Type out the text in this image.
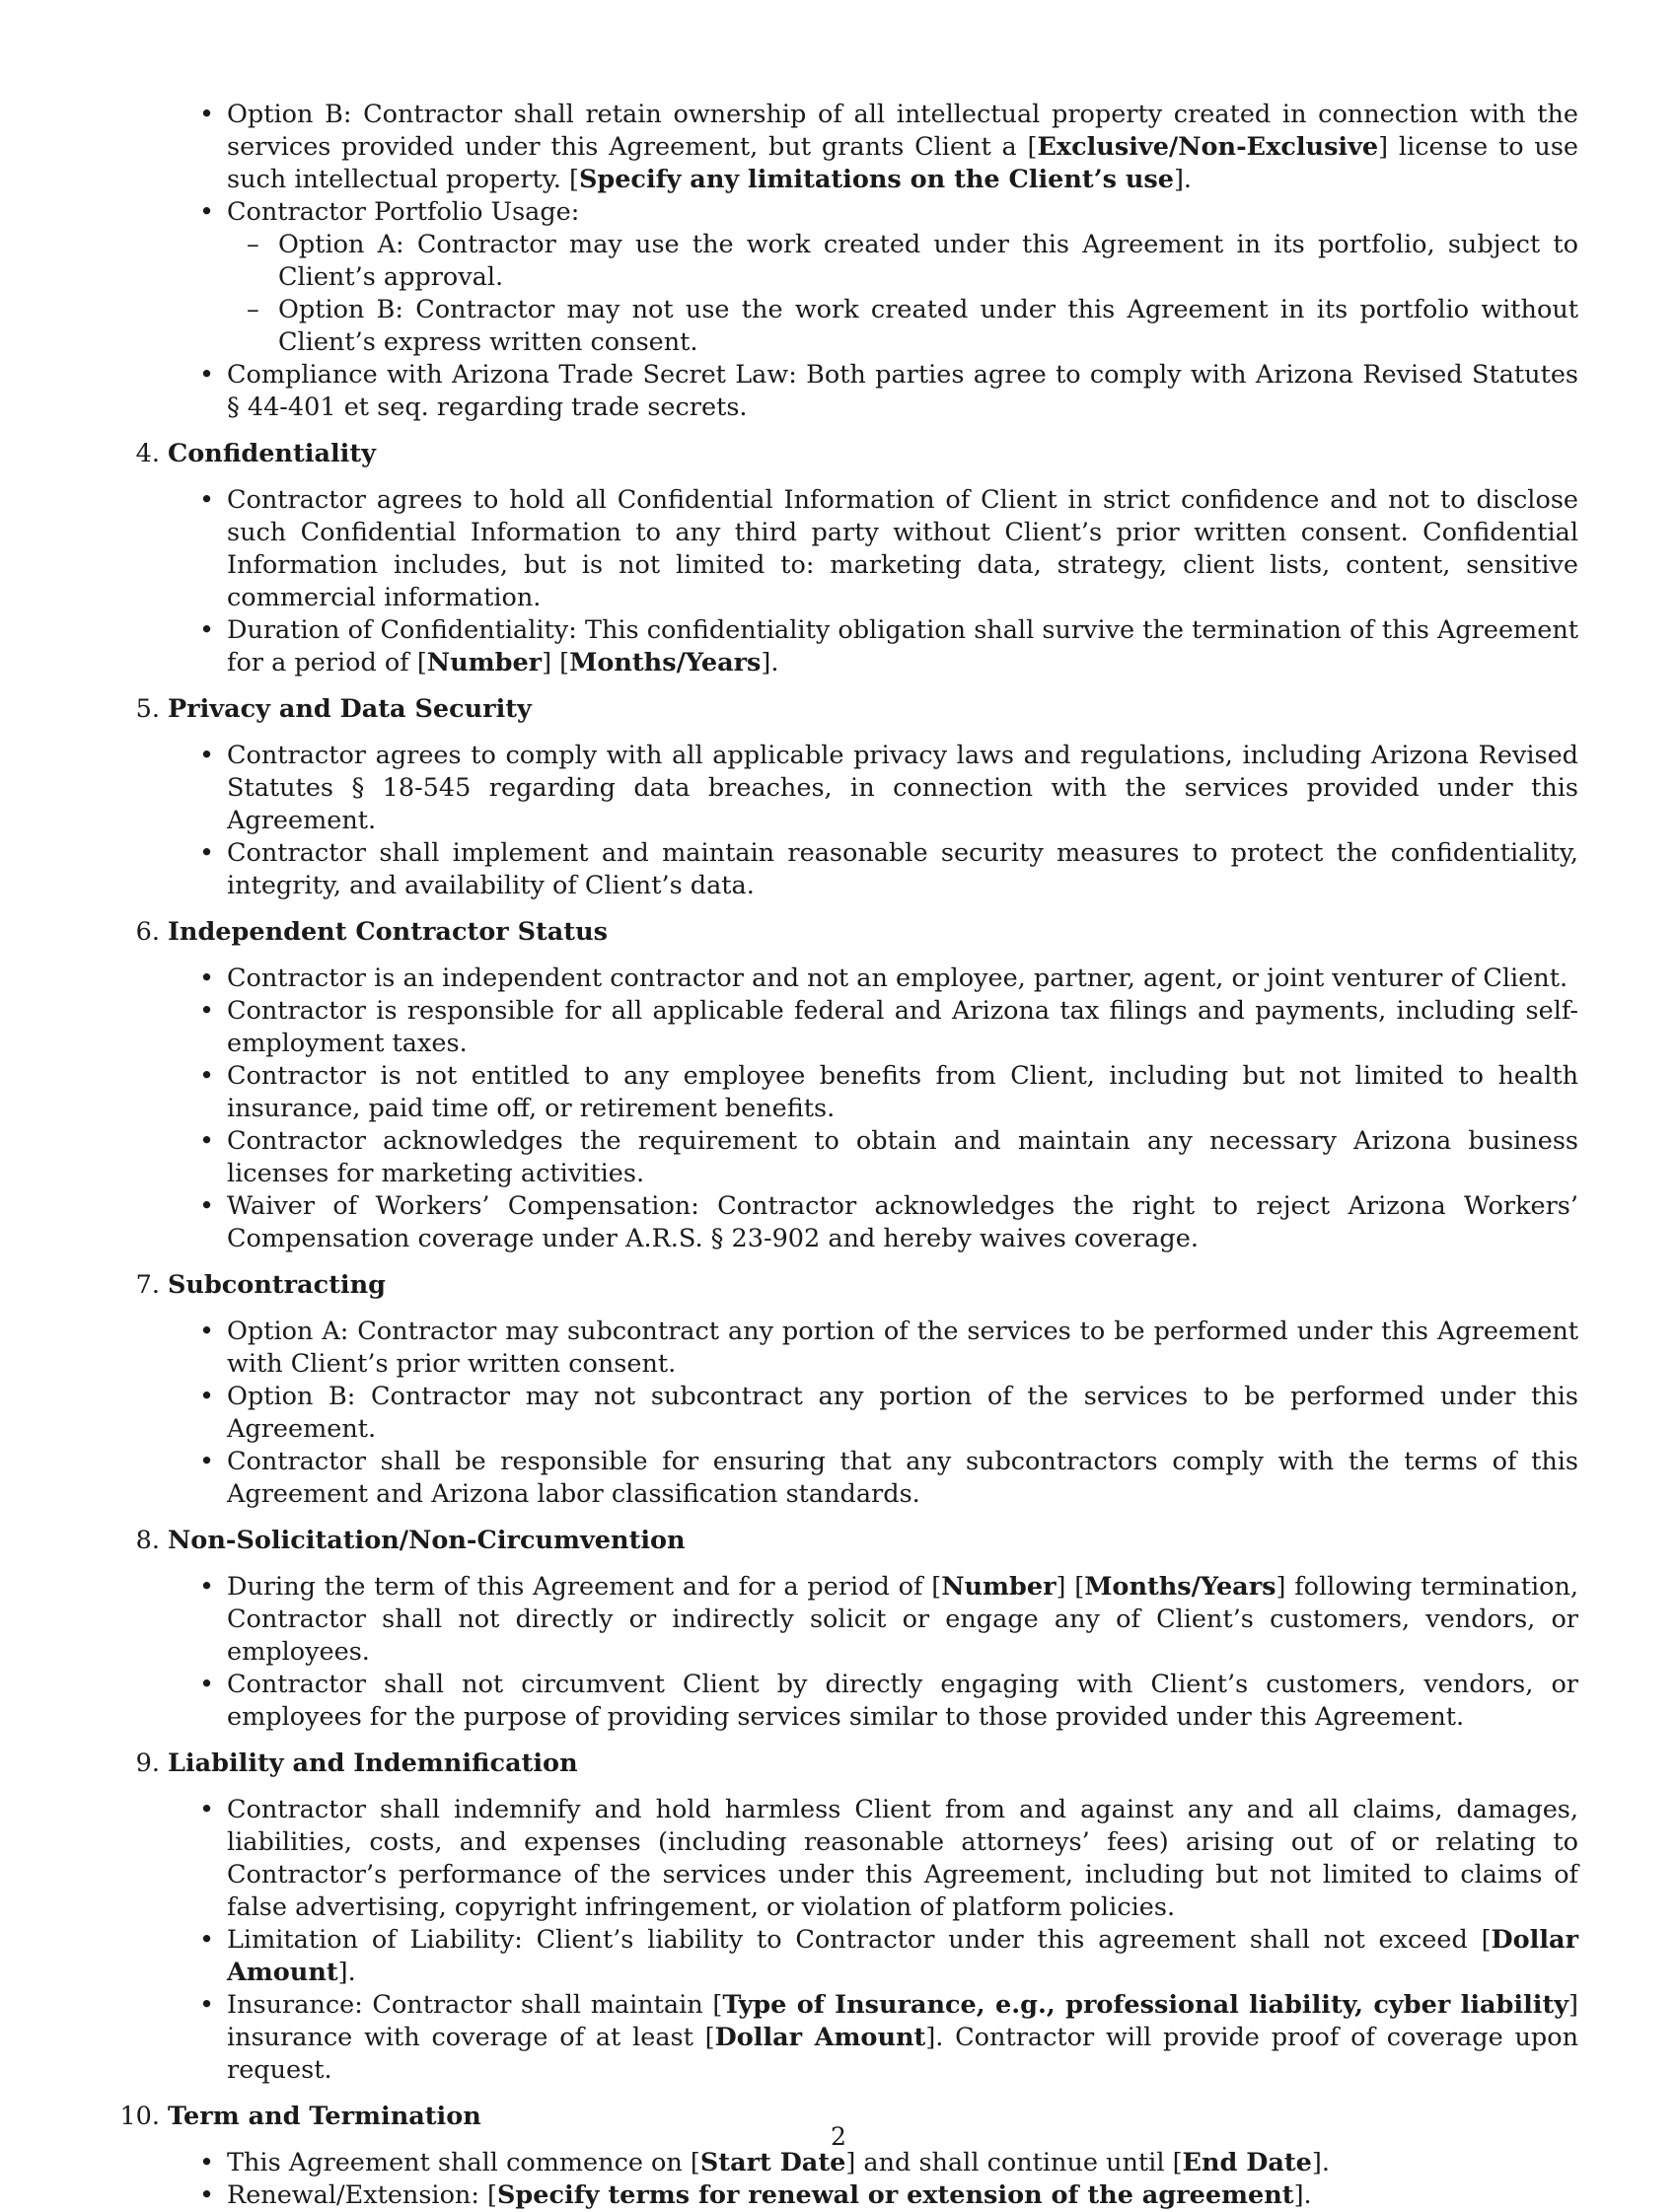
• Option B: Contractor shall retain ownership of all intellectual property created in connection with the services provided under this Agreement, but grants Client a [Exclusive/Non-Exclusive] license to use such intellectual property. [Specify any limitations on the Client’s use].
• Contractor Portfolio Usage:
– Option A: Contractor may use the work created under this Agreement in its portfolio, subject to Client’s approval.
– Option B: Contractor may not use the work created under this Agreement in its portfolio without Client’s express written consent.
• Compliance with Arizona Trade Secret Law: Both parties agree to comply with Arizona Revised Statutes § 44-401 et seq. regarding trade secrets.
4. Confidentiality
• Contractor agrees to hold all Confidential Information of Client in strict confidence and not to disclose such Confidential Information to any third party without Client’s prior written consent. Confidential Information includes, but is not limited to: marketing data, strategy, client lists, content, sensitive commercial information.
• Duration of Confidentiality: This confidentiality obligation shall survive the termination of this Agreement for a period of [Number] [Months/Years].
5. Privacy and Data Security
• Contractor agrees to comply with all applicable privacy laws and regulations, including Arizona Revised Statutes § 18-545 regarding data breaches, in connection with the services provided under this Agreement.
• Contractor shall implement and maintain reasonable security measures to protect the confidentiality, integrity, and availability of Client’s data.
6. Independent Contractor Status
• Contractor is an independent contractor and not an employee, partner, agent, or joint venturer of Client.
• Contractor is responsible for all applicable federal and Arizona tax filings and payments, including self-employment taxes.
• Contractor is not entitled to any employee benefits from Client, including but not limited to health insurance, paid time off, or retirement benefits.
• Contractor acknowledges the requirement to obtain and maintain any necessary Arizona business licenses for marketing activities.
• Waiver of Workers’ Compensation: Contractor acknowledges the right to reject Arizona Workers’ Compensation coverage under A.R.S. § 23-902 and hereby waives coverage.
7. Subcontracting
• Option A: Contractor may subcontract any portion of the services to be performed under this Agreement with Client’s prior written consent.
• Option B: Contractor may not subcontract any portion of the services to be performed under this Agreement.
• Contractor shall be responsible for ensuring that any subcontractors comply with the terms of this Agreement and Arizona labor classification standards.
8. Non-Solicitation/Non-Circumvention
• During the term of this Agreement and for a period of [Number] [Months/Years] following termination, Contractor shall not directly or indirectly solicit or engage any of Client’s customers, vendors, or employees.
• Contractor shall not circumvent Client by directly engaging with Client’s customers, vendors, or employees for the purpose of providing services similar to those provided under this Agreement.
9. Liability and Indemnification
• Contractor shall indemnify and hold harmless Client from and against any and all claims, damages, liabilities, costs, and expenses (including reasonable attorneys’ fees) arising out of or relating to Contractor’s performance of the services under this Agreement, including but not limited to claims of false advertising, copyright infringement, or violation of platform policies.
• Limitation of Liability: Client’s liability to Contractor under this agreement shall not exceed [Dollar Amount].
• Insurance: Contractor shall maintain [Type of Insurance, e.g., professional liability, cyber liability] insurance with coverage of at least [Dollar Amount]. Contractor will provide proof of coverage upon request.
10. Term and Termination
• This Agreement shall commence on [Start Date] and shall continue until [End Date].
• Renewal/Extension: [Specify terms for renewal or extension of the agreement].
2
